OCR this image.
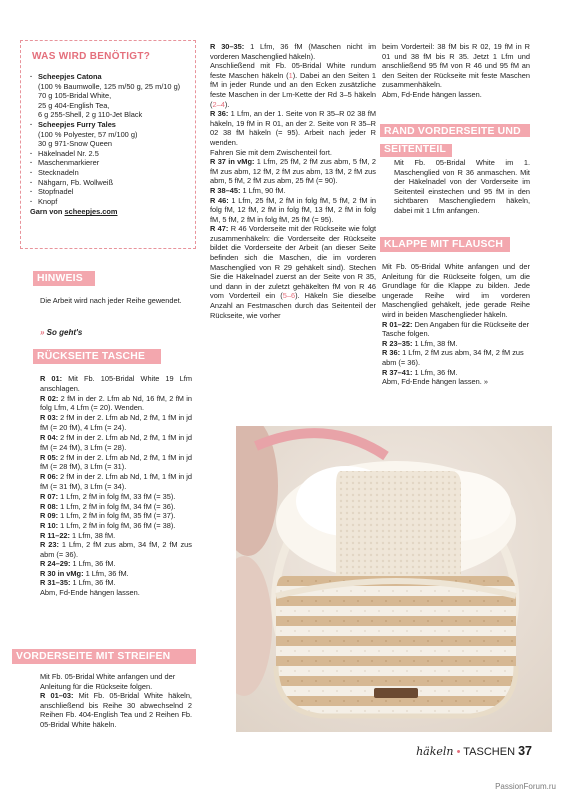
WAS WIRD BENÖTIGT?
· Scheepjes Catona
(100 % Baumwolle, 125 m/50 g, 25 m/10 g)
70 g 105-Bridal White,
25 g 404-English Tea,
6 g 255-Shell, 2 g 110-Jet Black
· Scheepjes Furry Tales
(100 % Polyester, 57 m/100 g)
30 g 971-Snow Queen
· Häkelnadel Nr. 2.5
· Maschenmarkierer
· Stecknadeln
· Nähgarn, Fb. Wollweiß
· Stopfnadel
· Knopf
Garn von scheepjes.com
HINWEIS
Die Arbeit wird nach jeder Reihe gewendet.
» So geht's
RÜCKSEITE TASCHE
R 01: Mit Fb. 105-Bridal White 19 Lfm anschlagen.
R 02: 2 fM in der 2. Lfm ab Nd, 16 fM, 2 fM in folg Lfm, 4 Lfm (= 20). Wenden.
R 03: 2 fM in der 2. Lfm ab Nd, 2 fM, 1 fM in jd fM (= 20 fM), 4 Lfm (= 24).
R 04: 2 fM in der 2. Lfm ab Nd, 2 fM, 1 fM in jd fM (= 24 fM), 3 Lfm (= 28).
R 05: 2 fM in der 2. Lfm ab Nd, 2 fM, 1 fM in jd fM (= 28 fM), 3 Lfm (= 31).
R 06: 2 fM in der 2. Lfm ab Nd, 1 fM, 1 fM in jd fM (= 31 fM), 3 Lfm (= 34).
R 07: 1 Lfm, 2 fM in folg fM, 33 fM (= 35).
R 08: 1 Lfm, 2 fM in folg fM, 34 fM (= 36).
R 09: 1 Lfm, 2 fM in folg fM, 35 fM (= 37).
R 10: 1 Lfm, 2 fM in folg fM, 36 fM (= 38).
R 11–22: 1 Lfm, 38 fM.
R 23: 1 Lfm, 2 fM zus abm, 34 fM, 2 fM zus abm (= 36).
R 24–29: 1 Lfm, 36 fM.
R 30 in vMg: 1 Lfm, 36 fM.
R 31–35: 1 Lfm, 36 fM.
Abm, Fd-Ende hängen lassen.
VORDERSEITE MIT STREIFEN
Mit Fb. 05-Bridal White anfangen und der Anleitung für die Rückseite folgen.
R 01–03: Mit Fb. 05-Bridal White häkeln, anschließend bis Reihe 30 abwechselnd 2 Reihen Fb. 404-English Tea und 2 Reihen Fb. 05-Bridal White häkeln.
R 30–35: 1 Lfm, 36 fM (Maschen nicht im vorderen Maschenglied häkeln).
Anschließend mit Fb. 05-Bridal White rundum feste Maschen häkeln (1). Dabei an den Seiten 1 fM in jeder Runde und an den Ecken zusätzliche feste Maschen in der Lm-Kette der Rd 3–5 häkeln (2–4).
R 36: 1 Lfm, an der 1. Seite von R 35–R 02 38 fM häkeln, 19 fM in R 01, an der 2. Seite von R 35–R 02 38 fM häkeln (= 95). Arbeit nach jeder R wenden.
Fahren Sie mit dem Zwischenteil fort.
R 37 in vMg: 1 Lfm, 25 fM, 2 fM zus abm, 5 fM, 2 fM zus abm, 12 fM, 2 fM zus abm, 13 fM, 2 fM zus abm, 5 fM, 2 fM zus abm, 25 fM (= 90).
R 38–45: 1 Lfm, 90 fM.
R 46: 1 Lfm, 25 fM, 2 fM in folg fM, 5 fM, 2 fM in folg fM, 12 fM, 2 fM in folg fM, 13 fM, 2 fM in folg fM, 5 fM, 2 fM in folg fM, 25 fM (= 95).
R 47: R 46 Vorderseite mit der Rückseite wie folgt zusammenhäkeln: die Vorderseite der Rückseite bildet die Vorderseite der Arbeit (an dieser Seite befinden sich die Maschen, die im vorderen Maschenglied von R 29 gehäkelt sind). Stechen Sie die Häkelnadel zuerst an der Seite von R 35, und dann in der zuletzt gehäkelten fM von R 46 vom Vorderteil ein (5–6). Häkeln Sie dieselbe Anzahl an Festmaschen durch das Seitenteil der Rückseite, wie vorher
beim Vorderteil: 38 fM bis R 02, 19 fM in R 01 und 38 fM bis R 35. Jetzt 1 Lfm und anschließend 95 fM von R 46 und 95 fM an den Seiten der Rückseite mit feste Maschen zusammenhäkeln.
Abm, Fd-Ende hängen lassen.
RAND VORDERSEITE UND
SEITENTEIL
Mit Fb. 05-Bridal White im 1. Maschenglied von R 36 anmaschen. Mit der Häkelnadel von der Vorderseite im Seitenteil einstechen und 95 fM in den sichtbaren Maschengliedern häkeln, dabei mit 1 Lfm anfangen.
KLAPPE MIT FLAUSCH
Mit Fb. 05-Bridal White anfangen und der Anleitung für die Rückseite folgen, um die Grundlage für die Klappe zu bilden. Jede ungerade Reihe wird im vorderen Maschenglied gehäkelt, jede gerade Reihe wird in beiden Maschenglieder häkeln.
R 01–22: Den Angaben für die Rückseite der Tasche folgen.
R 23–35: 1 Lfm, 38 fM.
R 36: 1 Lfm, 2 fM zus abm, 34 fM, 2 fM zus abm (= 36).
R 37–41: 1 Lfm, 36 fM.
Abm, Fd-Ende hängen lassen. »
häkeln • TASCHEN 37
PassionForum.ru
